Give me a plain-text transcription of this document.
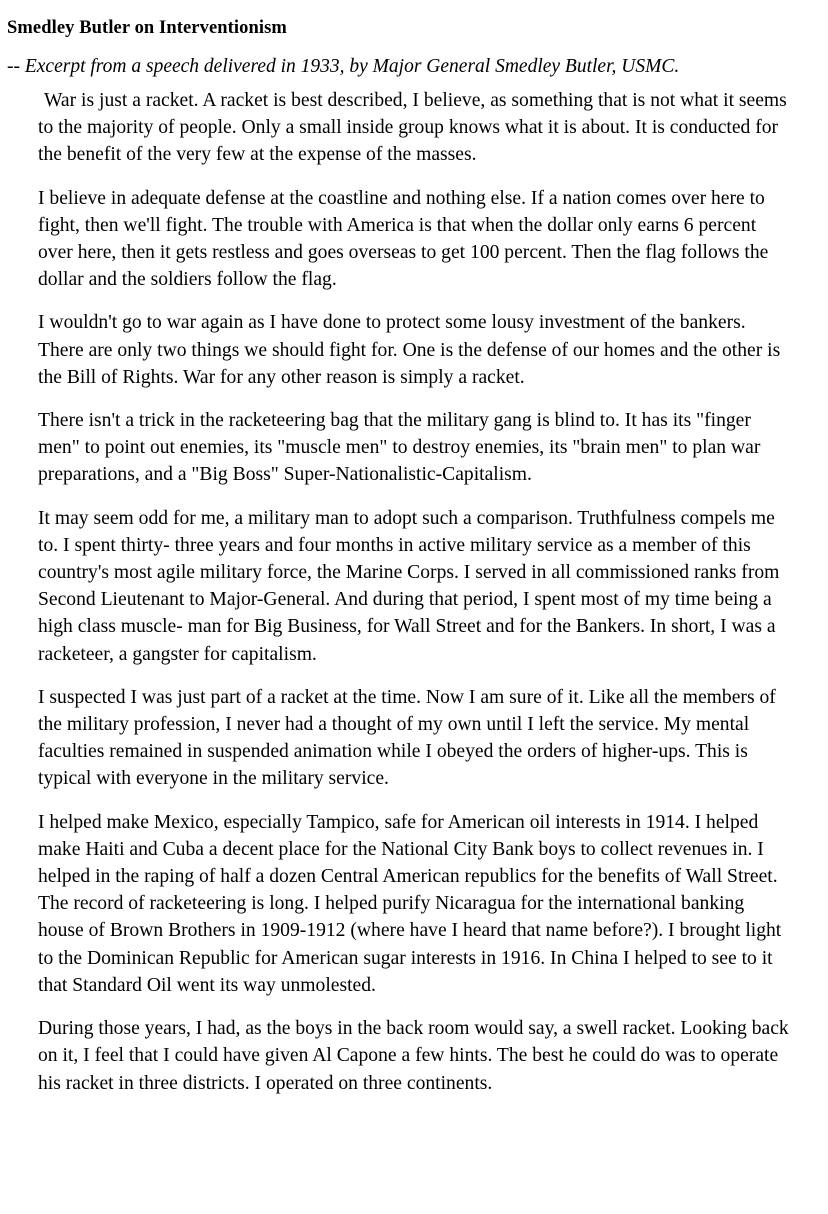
Smedley Butler on Interventionism
-- Excerpt from a speech delivered in 1933, by Major General Smedley Butler, USMC.

War is just a racket. A racket is best described, I believe, as something that is not what it seems to the majority of people. Only a small inside group knows what it is about. It is conducted for the benefit of the very few at the expense of the masses.

I believe in adequate defense at the coastline and nothing else. If a nation comes over here to fight, then we'll fight. The trouble with America is that when the dollar only earns 6 percent over here, then it gets restless and goes overseas to get 100 percent. Then the flag follows the dollar and the soldiers follow the flag.

I wouldn't go to war again as I have done to protect some lousy investment of the bankers. There are only two things we should fight for. One is the defense of our homes and the other is the Bill of Rights. War for any other reason is simply a racket.

There isn't a trick in the racketeering bag that the military gang is blind to. It has its "finger men" to point out enemies, its "muscle men" to destroy enemies, its "brain men" to plan war preparations, and a "Big Boss" Super-Nationalistic-Capitalism.

It may seem odd for me, a military man to adopt such a comparison. Truthfulness compels me to. I spent thirty- three years and four months in active military service as a member of this country's most agile military force, the Marine Corps. I served in all commissioned ranks from Second Lieutenant to Major-General. And during that period, I spent most of my time being a high class muscle- man for Big Business, for Wall Street and for the Bankers. In short, I was a racketeer, a gangster for capitalism.

I suspected I was just part of a racket at the time. Now I am sure of it. Like all the members of the military profession, I never had a thought of my own until I left the service. My mental faculties remained in suspended animation while I obeyed the orders of higher-ups. This is typical with everyone in the military service.

I helped make Mexico, especially Tampico, safe for American oil interests in 1914. I helped make Haiti and Cuba a decent place for the National City Bank boys to collect revenues in. I helped in the raping of half a dozen Central American republics for the benefits of Wall Street. The record of racketeering is long. I helped purify Nicaragua for the international banking house of Brown Brothers in 1909-1912 (where have I heard that name before?). I brought light to the Dominican Republic for American sugar interests in 1916. In China I helped to see to it that Standard Oil went its way unmolested.

During those years, I had, as the boys in the back room would say, a swell racket. Looking back on it, I feel that I could have given Al Capone a few hints. The best he could do was to operate his racket in three districts. I operated on three continents.
